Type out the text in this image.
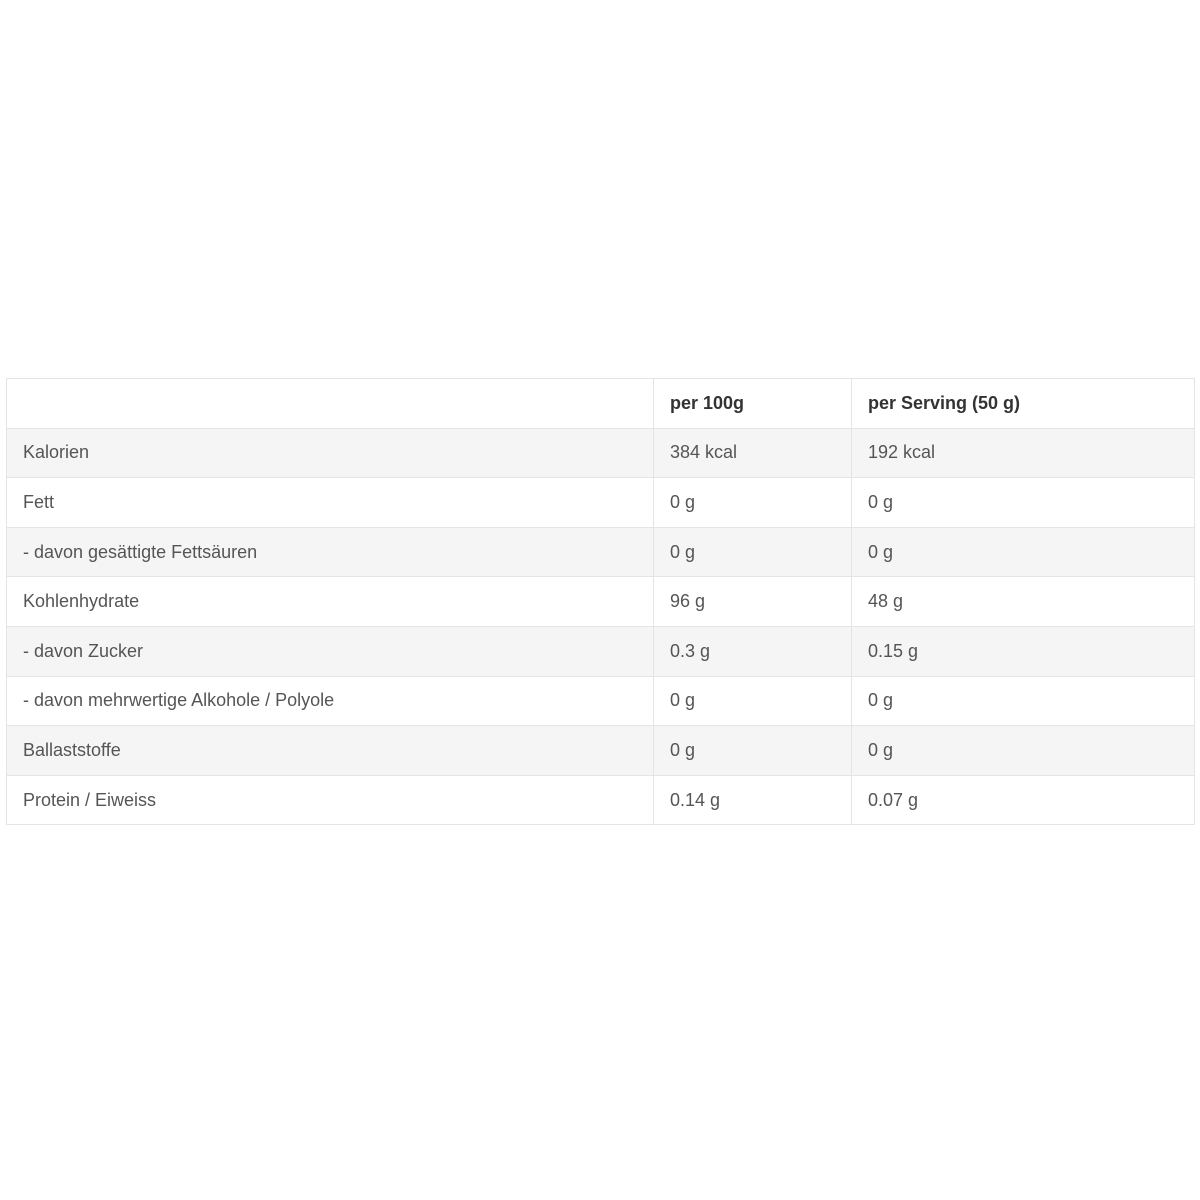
	per 100g	per Serving (50 g)
Kalorien	384 kcal	192 kcal
Fett	0 g	0 g
- davon gesättigte Fettsäuren	0 g	0 g
Kohlenhydrate	96 g	48 g
- davon Zucker	0.3 g	0.15 g
- davon mehrwertige Alkohole / Polyole	0 g	0 g
Ballaststoffe	0 g	0 g
Protein / Eiweiss	0.14 g	0.07 g
